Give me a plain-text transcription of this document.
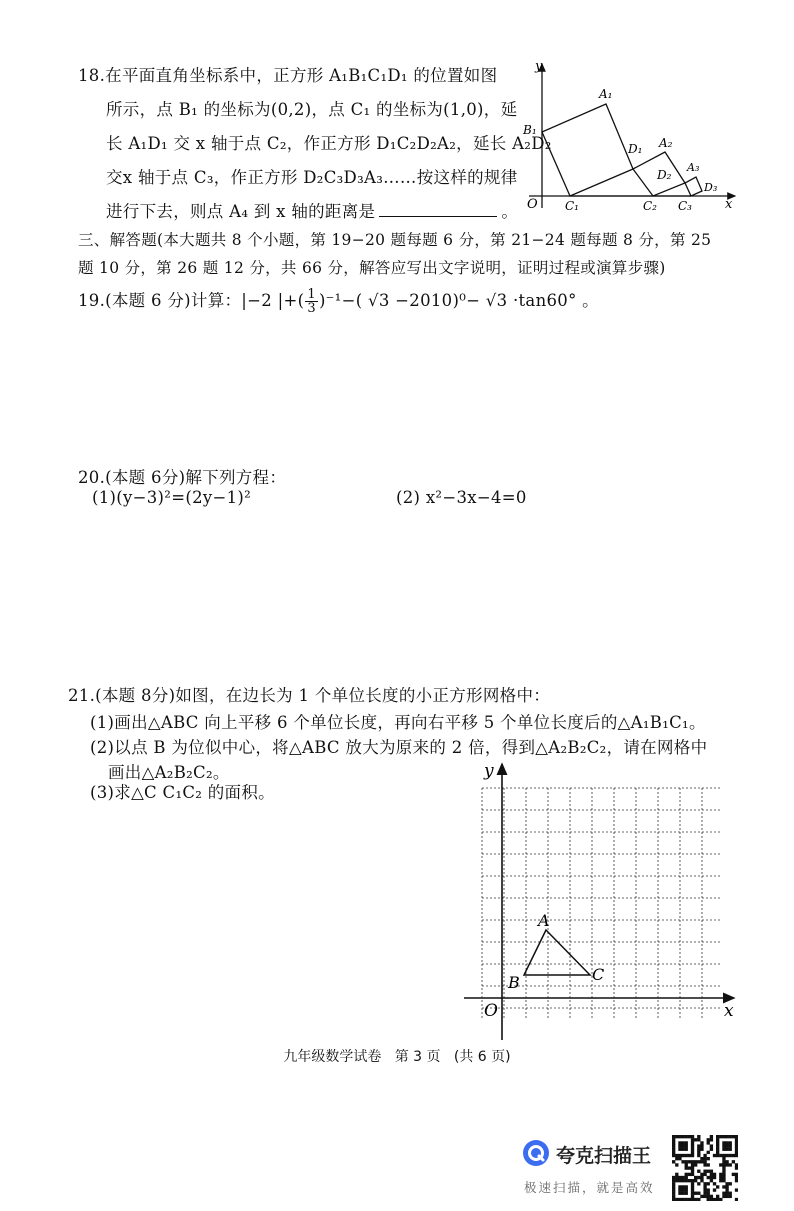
18.在平面直角坐标系中，正方形 A₁B₁C₁D₁ 的位置如图
所示，点 B₁ 的坐标为(0,2)，点 C₁ 的坐标为(1,0)，延
长 A₁D₁ 交 x 轴于点 C₂，作正方形 D₁C₂D₂A₂，延长 A₂D₂
交x 轴于点 C₃，作正方形 D₂C₃D₃A₃……按这样的规律
进行下去，则点 A₄ 到 x 轴的距离是	。
y
x
O
A₁
B₁
C₁
D₁ A₂
C₂
D₂
A₃
C₃
D₃
三、解答题(本大题共 8 个小题，第 19−20 题每题 6 分，第 21−24 题每题 8 分，第 25
题 10 分，第 26 题 12 分，共 66 分，解答应写出文字说明，证明过程或演算步骤)
19.(本题 6 分)计算：|−2 |+( $\frac{1}{3} )^{-1}-$( √3 −2010)⁰− √3 ·tan60° 。
20.(本题 6分)解下列方程：
(1)(y−3)²=(2y−1)²	(2) x²−3x−4=0
21.(本题 8分)如图，在边长为 1 个单位长度的小正方形网格中：
(1)画出△ABC 向上平移 6 个单位长度，再向右平移 5 个单位长度后的△A₁B₁C₁。
(2)以点 B 为位似中心，将△ABC 放大为原来的 2 倍，得到△A₂B₂C₂，请在网格中
画出△A₂B₂C₂。
(3)求△C C₁C₂ 的面积。
y
x
O
A
B	C
九年级数学试卷 第 3 页 (共 6 页)
夸克扫描王
极速扫描，就是高效
